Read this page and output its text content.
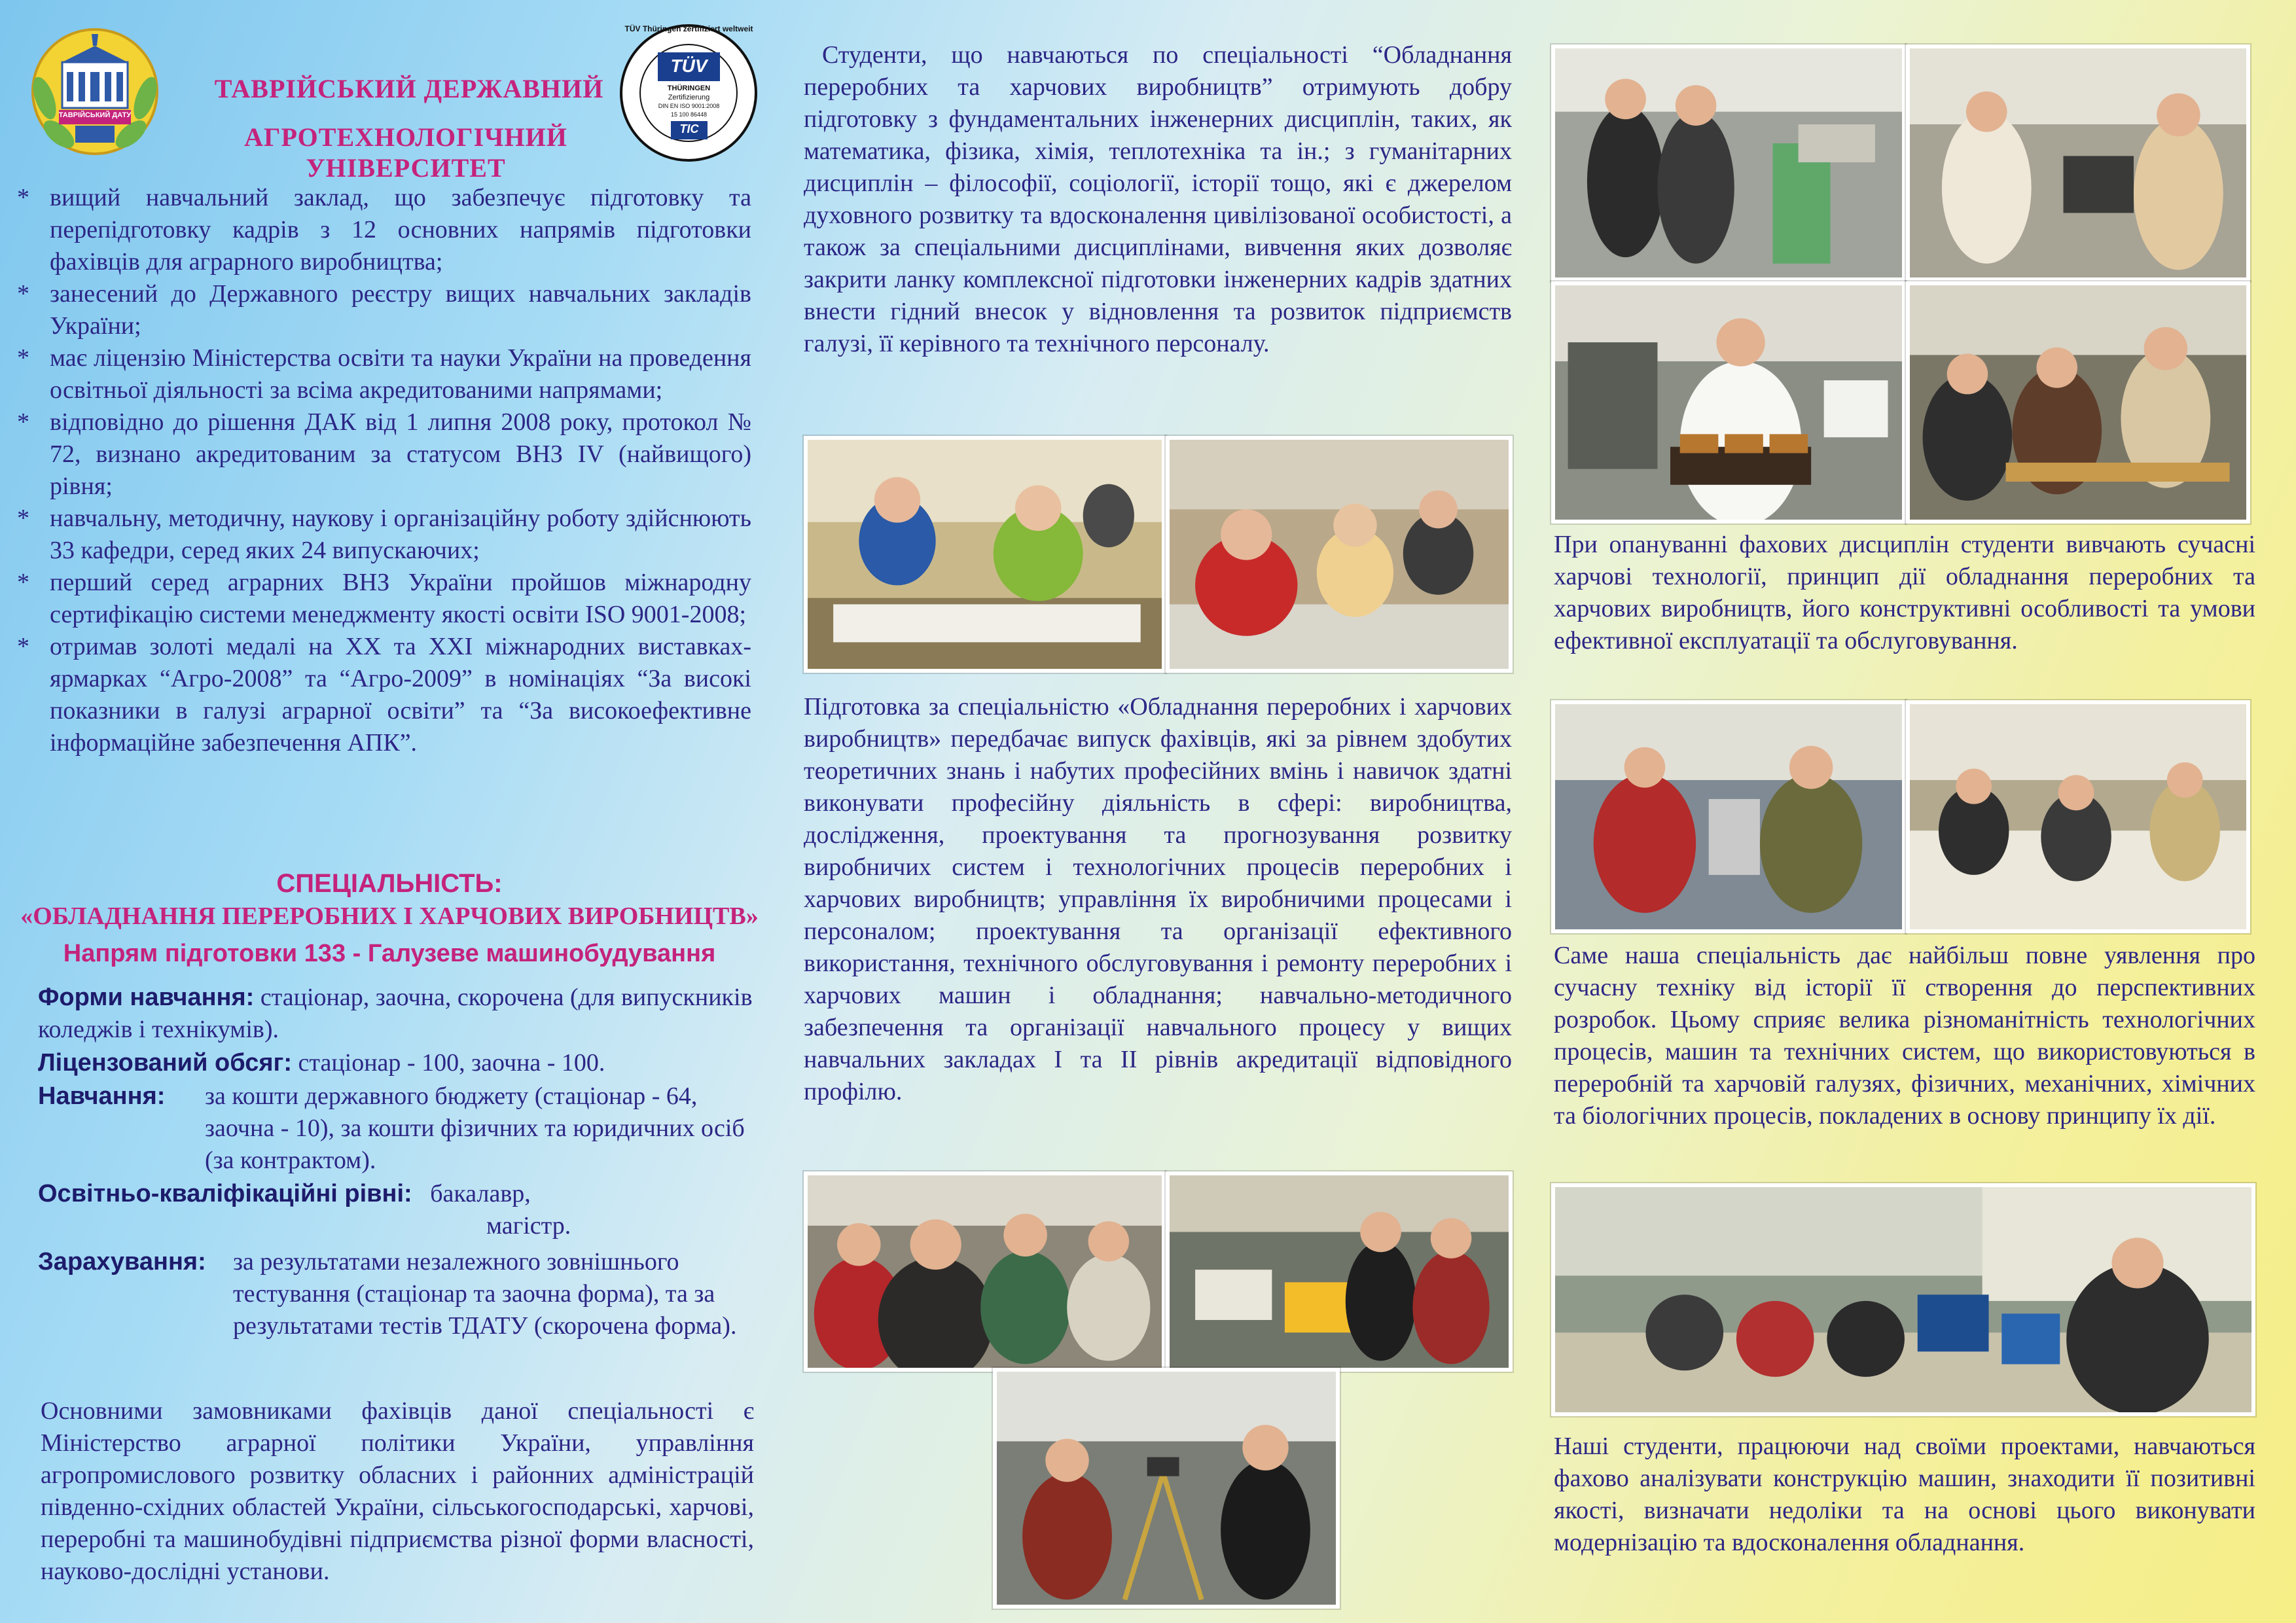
ТАВРІЙСЬКИЙ ДАТУ
ТАВРІЙСЬКИЙ ДЕРЖАВНИЙ
АГРОТЕХНОЛОГІЧНИЙ УНІВЕРСИТЕТ
TÜV
THÜRINGEN
Zertifizierung
DIN EN ISO 9001:2008
15 100 86448
TIC
TÜV Thüringen zertifiziert weltweit
* вищий навчальний заклад, що забезпечує підготовку та перепідготовку кадрів з 12 основних напрямів підготовки фахівців для аграрного виробництва;
* занесений до Державного реєстру вищих навчальних закладів України;
* має ліцензію Міністерства освіти та науки України на проведення освітньої діяльності за всіма акредитованими напрямами;
* відповідно до рішення ДАК від 1 липня 2008 року, протокол № 72, визнано акредитованим за статусом ВНЗ IV (найвищого) рівня;
* навчальну, методичну, наукову і організаційну роботу здійснюють 33 кафедри, серед яких 24 випускаючих;
* перший серед аграрних ВНЗ України пройшов міжнародну сертифікацію системи менеджменту якості освіти ISO 9001-2008;
* отримав золоті медалі на XX та XXI міжнародних виставках-ярмарках “Агро-2008” та “Агро-2009” в номінаціях “За високі показники в галузі аграрної освіти” та “За високоефективне інформаційне забезпечення АПК”.
СПЕЦІАЛЬНІСТЬ:
«ОБЛАДНАННЯ ПЕРЕРОБНИХ І ХАРЧОВИХ ВИРОБНИЦТВ»
Напрям підготовки 133 - Галузеве машинобудування
Форми навчання: стаціонар, заочна, скорочена (для випускників коледжів і технікумів).
Ліцензований обсяг: стаціонар - 100, заочна - 100.
Навчання:	за кошти державного бюджету (стаціонар - 64, заочна - 10), за кошти фізичних та юридичних осіб (за контрактом).
Освітньо-кваліфікаційні рівні: бакалавр,
магістр.
Зарахування:	за результатами незалежного зовнішнього тестування (стаціонар та заочна форма), та за результатами тестів ТДАТУ (скорочена форма).
Основними замовниками фахівців даної спеціальності є Міністерство аграрної політики України, управління агропромислового розвитку обласних і районних адміністрацій південно-східних областей України, сільськогосподарські, харчові, переробні та машинобудівні підприємства різної форми власності, науково-дослідні установи.
Студенти, що навчаються по спеціальності “Обладнання переробних та харчових виробництв” отримують добру підготовку з фундаментальних інженерних дисциплін, таких, як математика, фізика, хімія, теплотехніка та ін.; з гуманітарних дисциплін – філософії, соціології, історії тощо, які є джерелом духовного розвитку та вдосконалення цивілізованої особистості, а також за спеціальними дисциплінами, вивчення яких дозволяє закрити ланку комплексної підготовки інженерних кадрів здатних внести гідний внесок у відновлення та розвиток підприємств галузі, її керівного та технічного персоналу.
Підготовка за спеціальністю «Обладнання переробних і харчових виробництв» передбачає випуск фахівців, які за рівнем здобутих теоретичних знань і набутих професійних вмінь і навичок здатні виконувати професійну діяльність в сфері: виробництва, дослідження, проектування та прогнозування розвитку виробничих систем і технологічних процесів переробних і харчових виробництв; управління їх виробничими процесами і персоналом; проектування та організації ефективного використання, технічного обслуговування і ремонту переробних і харчових машин і обладнання; навчально-методичного забезпечення та організації навчального процесу у вищих навчальних закладах I та II рівнів акредитації відповідного профілю.
При опануванні фахових дисциплін студенти вивчають сучасні харчові технології, принцип дії обладнання переробних та харчових виробництв, його конструктивні особливості та умови ефективної експлуатації та обслуговування.
Саме наша спеціальність дає найбільш повне уявлення про сучасну техніку від історії її створення до перспективних розробок. Цьому сприяє велика різноманітність технологічних процесів, машин та технічних систем, що використовуються в переробній та харчовій галузях, фізичних, механічних, хімічних та біологічних процесів, покладених в основу принципу їх дії.
Наші студенти, працюючи над своїми проектами, навчаються фахово аналізувати конструкцію машин, знаходити її позитивні якості, визначати недоліки та на основі цього виконувати модернізацію та вдосконалення обладнання.
